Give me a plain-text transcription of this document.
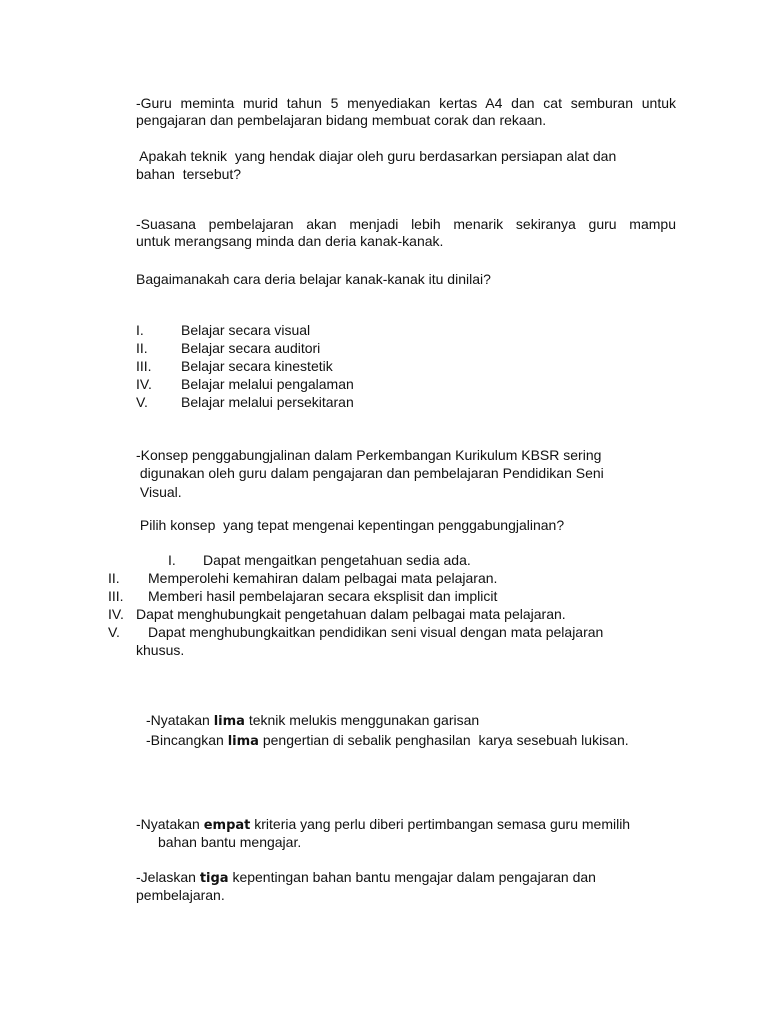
-Guru meminta murid tahun 5 menyediakan kertas A4 dan cat semburan untuk
pengajaran dan pembelajaran bidang membuat corak dan rekaan.
Apakah teknik  yang hendak diajar oleh guru berdasarkan persiapan alat dan
bahan  tersebut?
-Suasana pembelajaran akan menjadi lebih menarik sekiranya guru mampu
untuk merangsang minda dan deria kanak-kanak.
Bagaimanakah cara deria belajar kanak-kanak itu dinilai?
I.	Belajar secara visual
II. Belajar secara auditori
III. Belajar secara kinestetik
IV. Belajar melalui pengalaman
V. Belajar melalui persekitaran
-Konsep penggabungjalinan dalam Perkembangan Kurikulum KBSR sering
digunakan oleh guru dalam pengajaran dan pembelajaran Pendidikan Seni
Visual.
Pilih konsep  yang tepat mengenai kepentingan penggabungjalinan?
I. Dapat mengaitkan pengetahuan sedia ada.
II. Memperolehi kemahiran dalam pelbagai mata pelajaran.
III. Memberi hasil pembelajaran secara eksplisit dan implicit
IV. Dapat menghubungkait pengetahuan dalam pelbagai mata pelajaran.
V. Dapat menghubungkaitkan pendidikan seni visual dengan mata pelajaran
khusus.
-Nyatakan lima teknik melukis menggunakan garisan
-Bincangkan lima pengertian di sebalik penghasilan  karya sesebuah lukisan.
-Nyatakan empat kriteria yang perlu diberi pertimbangan semasa guru memilih
bahan bantu mengajar.
-Jelaskan tiga kepentingan bahan bantu mengajar dalam pengajaran dan
pembelajaran.
